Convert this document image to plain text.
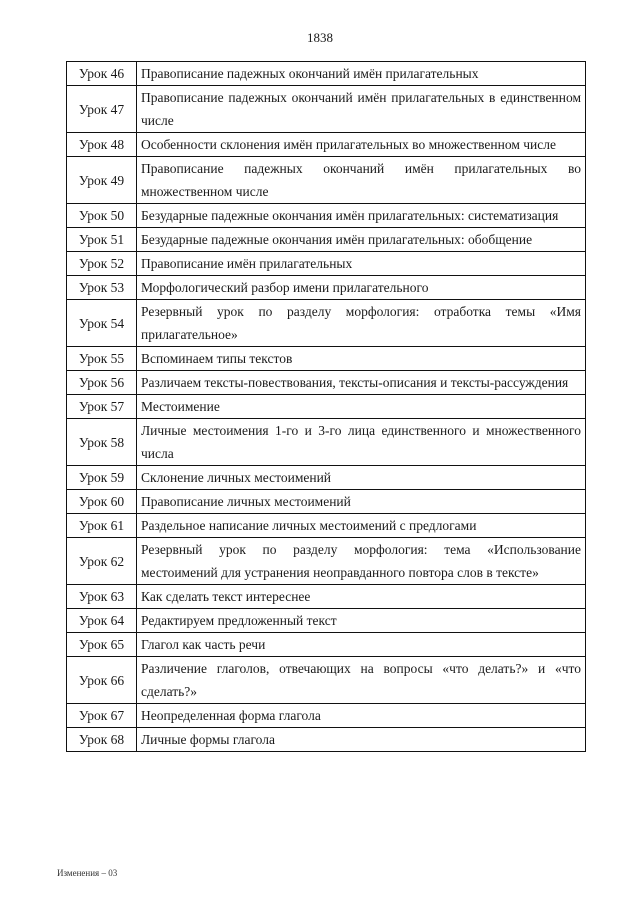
1838
Урок 46	Правописание падежных окончаний имён прилагательных
Урок 47	Правописание падежных окончаний имён прилагательных в единственном числе
Урок 48	Особенности склонения имён прилагательных во множественном числе
Урок 49	Правописание падежных окончаний имён прилагательных во множественном числе
Урок 50	Безударные падежные окончания имён прилагательных: систематизация
Урок 51	Безударные падежные окончания имён прилагательных: обобщение
Урок 52	Правописание имён прилагательных
Урок 53	Морфологический разбор имени прилагательного
Урок 54	Резервный урок по разделу морфология: отработка темы «Имя прилагательное»
Урок 55	Вспоминаем типы текстов
Урок 56	Различаем тексты-повествования, тексты-описания и тексты-рассуждения
Урок 57	Местоимение
Урок 58	Личные местоимения 1-го и 3-го лица единственного и множественного числа
Урок 59	Склонение личных местоимений
Урок 60	Правописание личных местоимений
Урок 61	Раздельное написание личных местоимений с предлогами
Урок 62	Резервный урок по разделу морфология: тема «Использование местоимений для устранения неоправданного повтора слов в тексте»
Урок 63	Как сделать текст интереснее
Урок 64	Редактируем предложенный текст
Урок 65	Глагол как часть речи
Урок 66	Различение глаголов, отвечающих на вопросы «что делать?» и «что сделать?»
Урок 67	Неопределенная форма глагола
Урок 68	Личные формы глагола
Изменения – 03
